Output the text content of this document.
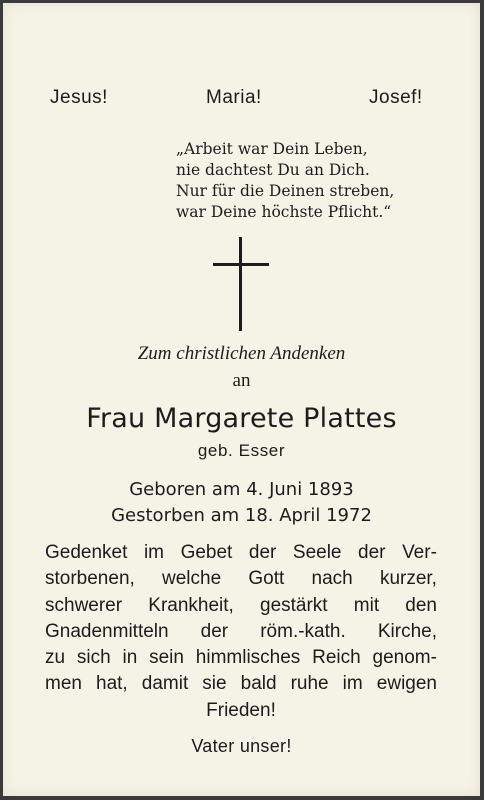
Jesus!	Maria!	Josef!
„Arbeit war Dein Leben,
nie dachtest Du an Dich.
Nur für die Deinen streben,
war Deine höchste Pflicht.“
Zum christlichen Andenken
an
Frau Margarete Plattes
geb. Esser
Geboren am 4. Juni 1893
Gestorben am 18. April 1972
Gedenket im Gebet der Seele der Ver-
storbenen, welche Gott nach kurzer,
schwerer Krankheit, gestärkt mit den
Gnadenmitteln der röm.-kath. Kirche,
zu sich in sein himmlisches Reich genom-
men hat, damit sie bald ruhe im ewigen
Frieden!
Vater unser!
